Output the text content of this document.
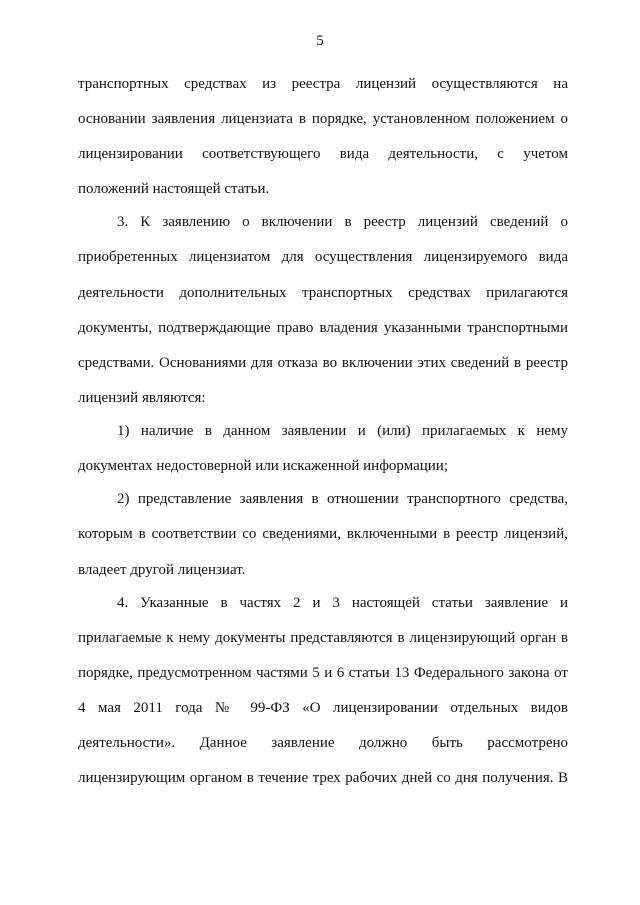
5
транспортных средствах из реестра лицензий осуществляются на
основании заявления лицензиата в порядке, установленном положением о
лицензировании соответствующего вида деятельности, с учетом
положений настоящей статьи.
3. К заявлению о включении в реестр лицензий сведений о
приобретенных лицензиатом для осуществления лицензируемого вида
деятельности дополнительных транспортных средствах прилагаются
документы, подтверждающие право владения указанными транспортными
средствами. Основаниями для отказа во включении этих сведений в реестр
лицензий являются:
1) наличие в данном заявлении и (или) прилагаемых к нему
документах недостоверной или искаженной информации;
2) представление заявления в отношении транспортного средства,
которым в соответствии со сведениями, включенными в реестр лицензий,
владеет другой лицензиат.
4. Указанные в частях 2 и 3 настоящей статьи заявление и
прилагаемые к нему документы представляются в лицензирующий орган в
порядке, предусмотренном частями 5 и 6 статьи 13 Федерального закона от
4 мая 2011 года № 99-ФЗ «О лицензировании отдельных видов
деятельности». Данное заявление должно быть рассмотрено
лицензирующим органом в течение трех рабочих дней со дня получения. В
